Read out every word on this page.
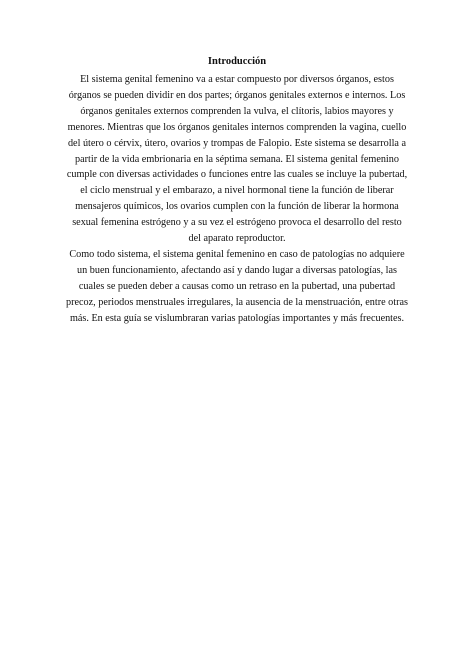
Introducción

El sistema genital femenino va a estar compuesto por diversos órganos, estos órganos se pueden dividir en dos partes; órganos genitales externos e internos. Los órganos genitales externos comprenden la vulva, el clítoris, labios mayores y menores. Mientras que los órganos genitales internos comprenden la vagina, cuello del útero o cérvix, útero, ovarios y trompas de Falopio. Este sistema se desarrolla a partir de la vida embrionaria en la séptima semana. El sistema genital femenino cumple con diversas actividades o funciones entre las cuales se incluye la pubertad, el ciclo menstrual y el embarazo, a nivel hormonal tiene la función de liberar mensajeros químicos, los ovarios cumplen con la función de liberar la hormona sexual femenina estrógeno y a su vez el estrógeno provoca el desarrollo del resto del aparato reproductor.

Como todo sistema, el sistema genital femenino en caso de patologías no adquiere un buen funcionamiento, afectando así y dando lugar a diversas patologías, las cuales se pueden deber a causas como un retraso en la pubertad, una pubertad precoz, periodos menstruales irregulares, la ausencia de la menstruación, entre otras más. En esta guía se vislumbraran varias patologías importantes y más frecuentes.
